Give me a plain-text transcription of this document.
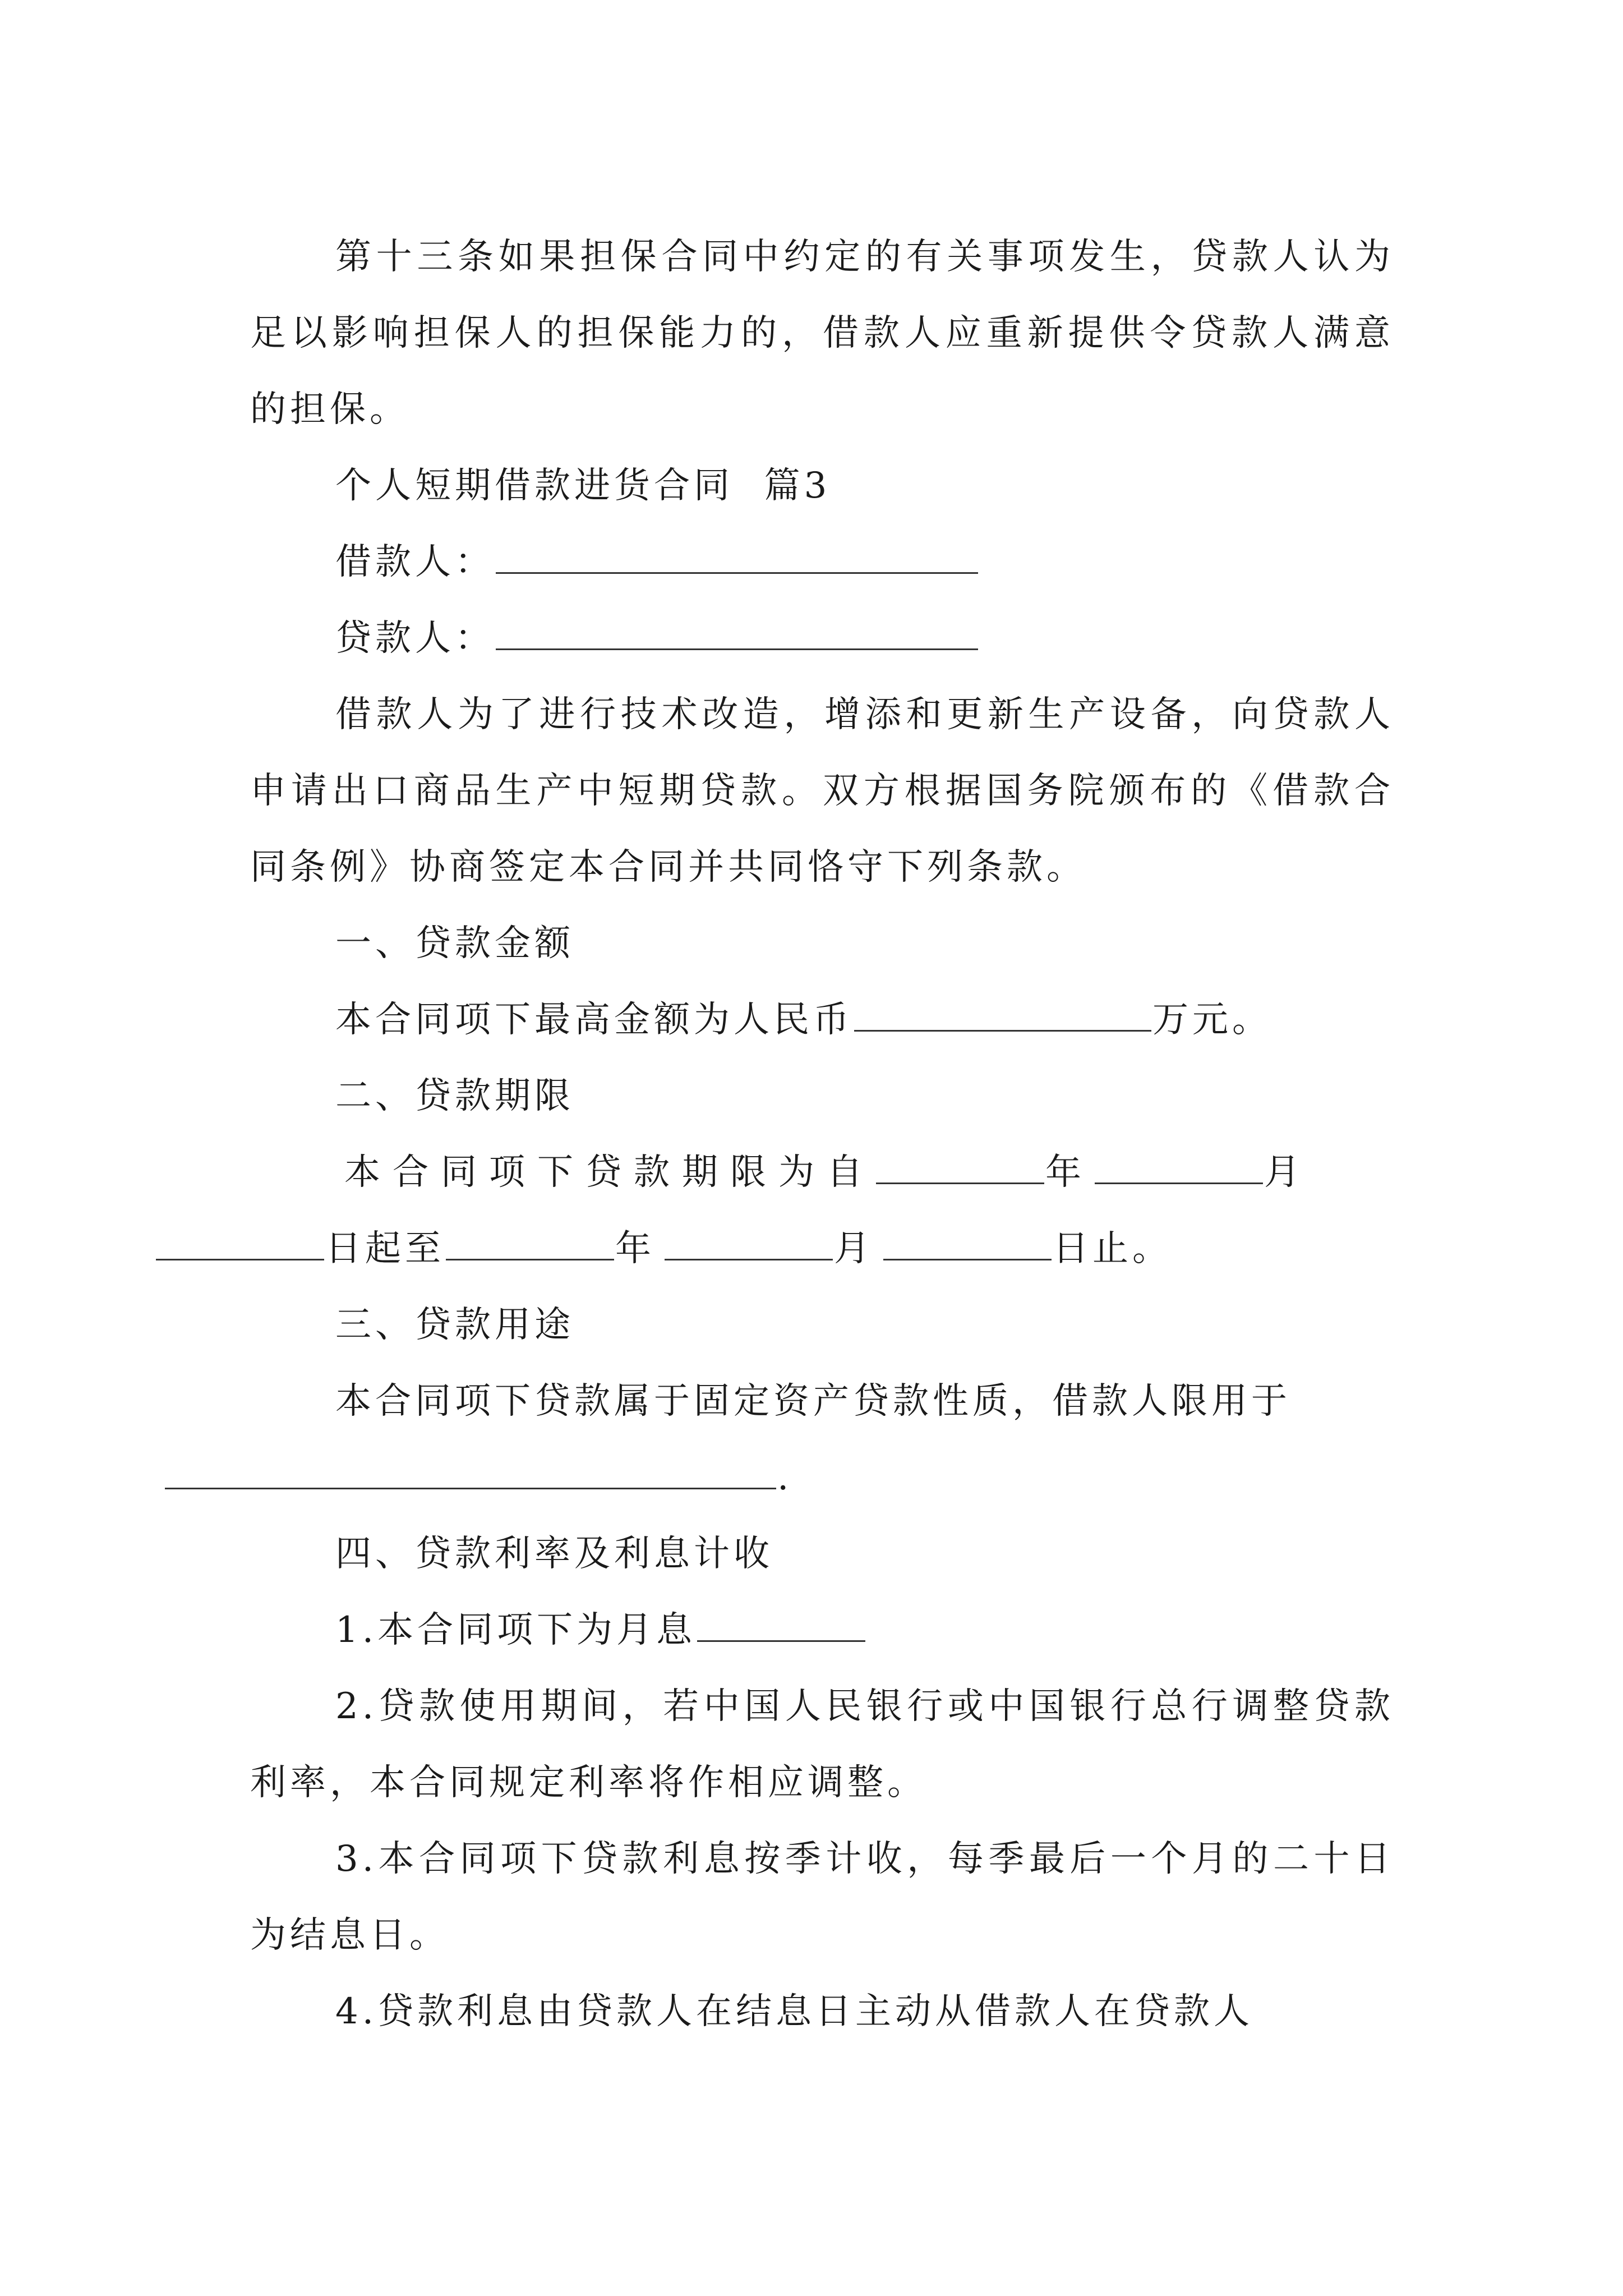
第十三条如果担保合同中约定的有关事项发生，贷款人认为足以影响担保人的担保能力的，借款人应重新提供令贷款人满意的担保。

个人短期借款进货合同  篇3

借款人：

贷款人：

借款人为了进行技术改造，增添和更新生产设备，向贷款人申请出口商品生产中短期贷款。双方根据国务院颁布的《借款合同条例》协商签定本合同并共同恪守下列条款。

一、贷款金额

本合同项下最高金额为人民币	万元。

二、贷款期限

本合同项下贷款期限为自	年	月
日起至	年	月	日止。

三、贷款用途

本合同项下贷款属于固定资产贷款性质，借款人限用于
.

四、贷款利率及利息计收

1.本合同项下为月息

2.贷款使用期间，若中国人民银行或中国银行总行调整贷款利率，本合同规定利率将作相应调整。

3.本合同项下贷款利息按季计收，每季最后一个月的二十日为结息日。

4.贷款利息由贷款人在结息日主动从借款人在贷款人
